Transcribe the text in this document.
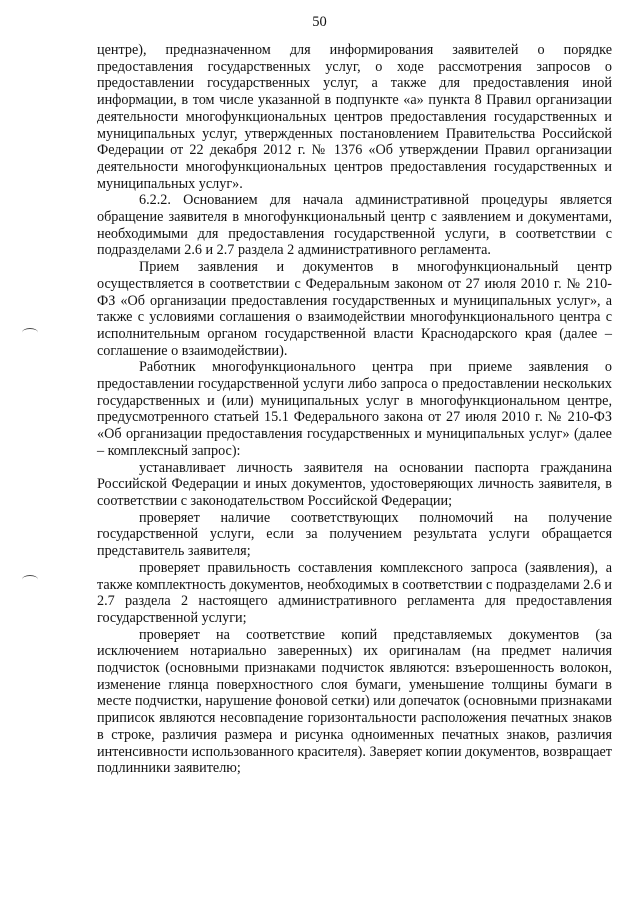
50

центре), предназначенном для информирования заявителей о порядке предоставления государственных услуг, о ходе рассмотрения запросов о предоставлении государственных услуг, а также для предоставления иной информации, в том числе указанной в подпункте «а» пункта 8 Правил организации деятельности многофункциональных центров предоставления государственных и муниципальных услуг, утвержденных постановлением Правительства Российской Федерации от 22 декабря 2012 г. № 1376 «Об утверждении Правил организации деятельности многофункциональных центров предоставления государственных и муниципальных услуг».

6.2.2. Основанием для начала административной процедуры является обращение заявителя в многофункциональный центр с заявлением и документами, необходимыми для предоставления государственной услуги, в соответствии с подразделами 2.6 и 2.7 раздела 2 административного регламента.

Прием заявления и документов в многофункциональный центр осуществляется в соответствии с Федеральным законом от 27 июля 2010 г. № 210-ФЗ «Об организации предоставления государственных и муниципальных услуг», а также с условиями соглашения о взаимодействии многофункционального центра с исполнительным органом государственной власти Краснодарского края (далее – соглашение о взаимодействии).

Работник многофункционального центра при приеме заявления о предоставлении государственной услуги либо запроса о предоставлении нескольких государственных и (или) муниципальных услуг в многофункциональном центре, предусмотренного статьей 15.1 Федерального закона от 27 июля 2010 г. № 210-ФЗ «Об организации предоставления государственных и муниципальных услуг» (далее – комплексный запрос):

устанавливает личность заявителя на основании паспорта гражданина Российской Федерации и иных документов, удостоверяющих личность заявителя, в соответствии с законодательством Российской Федерации;

проверяет наличие соответствующих полномочий на получение государственной услуги, если за получением результата услуги обращается представитель заявителя;

проверяет правильность составления комплексного запроса (заявления), а также комплектность документов, необходимых в соответствии с подразделами 2.6 и 2.7 раздела 2 настоящего административного регламента для предоставления государственной услуги;

проверяет на соответствие копий представляемых документов (за исключением нотариально заверенных) их оригиналам (на предмет наличия подчисток (основными признаками подчисток являются: взъерошенность волокон, изменение глянца поверхностного слоя бумаги, уменьшение толщины бумаги в месте подчистки, нарушение фоновой сетки) или допечаток (основными признаками приписок являются несовпадение горизонтальности расположения печатных знаков в строке, различия размера и рисунка одноименных печатных знаков, различия интенсивности использованного красителя). Заверяет копии документов, возвращает подлинники заявителю;
